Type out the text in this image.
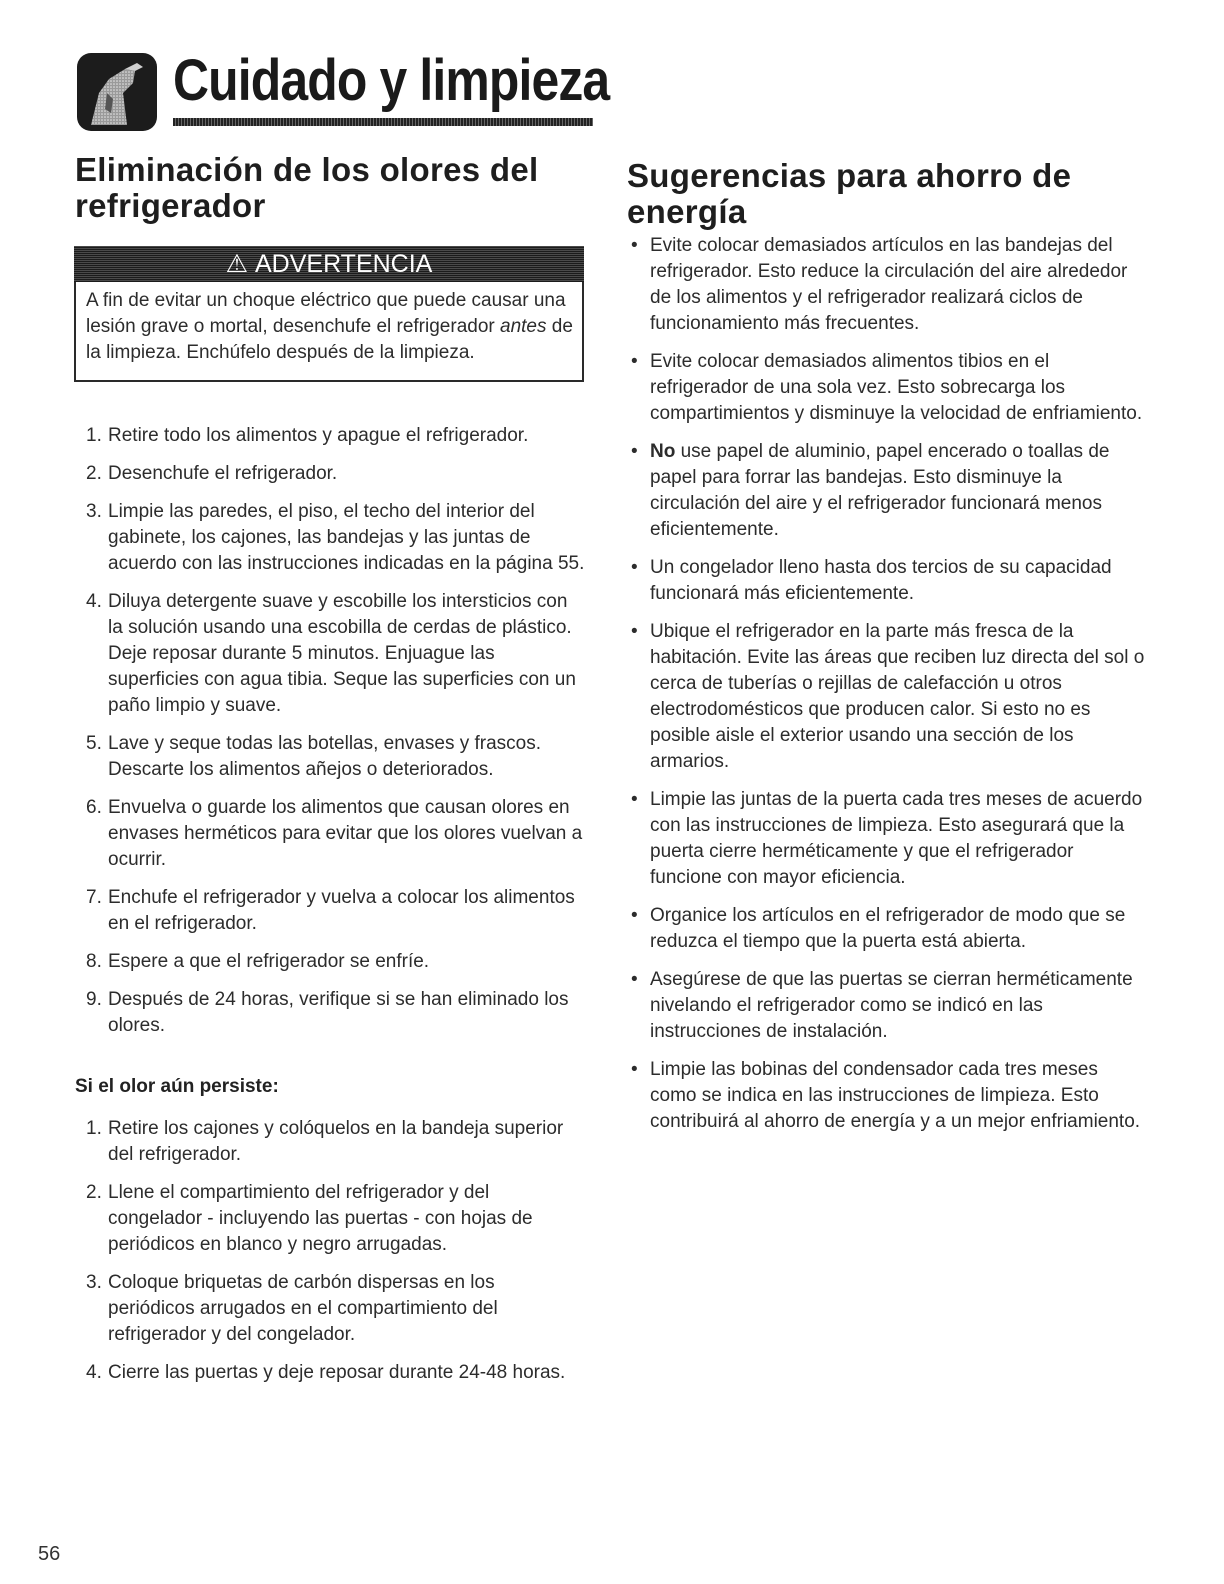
Cuidado y limpieza
Eliminación de los olores del refrigerador
⚠ ADVERTENCIA

A fin de evitar un choque eléctrico que puede causar una lesión grave o mortal, desenchufe el refrigerador antes de la limpieza. Enchúfelo después de la limpieza.

1. Retire todo los alimentos y apague el refrigerador.
2. Desenchufe el refrigerador.
3. Limpie las paredes, el piso, el techo del interior del gabinete, los cajones, las bandejas y las juntas de acuerdo con las instrucciones indicadas en la página 55.
4. Diluya detergente suave y escobille los intersticios con la solución usando una escobilla de cerdas de plástico. Deje reposar durante 5 minutos. Enjuague las superficies con agua tibia. Seque las superficies con un paño limpio y suave.
5. Lave y seque todas las botellas, envases y frascos. Descarte los alimentos añejos o deteriorados.
6. Envuelva o guarde los alimentos que causan olores en envases herméticos para evitar que los olores vuelvan a ocurrir.
7. Enchufe el refrigerador y vuelva a colocar los alimentos en el refrigerador.
8. Espere a que el refrigerador se enfríe.
9. Después de 24 horas, verifique si se han eliminado los olores.
Si el olor aún persiste:
1. Retire los cajones y colóquelos en la bandeja superior del refrigerador.
2. Llene el compartimiento del refrigerador y del congelador - incluyendo las puertas - con hojas de periódicos en blanco y negro arrugadas.
3. Coloque briquetas de carbón dispersas en los periódicos arrugados en el compartimiento del refrigerador y del congelador.
4. Cierre las puertas y deje reposar durante 24-48 horas.
Sugerencias para ahorro de energía
• Evite colocar demasiados artículos en las bandejas del refrigerador. Esto reduce la circulación del aire alrededor de los alimentos y el refrigerador realizará ciclos de funcionamiento más frecuentes.
• Evite colocar demasiados alimentos tibios en el refrigerador de una sola vez. Esto sobrecarga los compartimientos y disminuye la velocidad de enfriamiento.
• No use papel de aluminio, papel encerado o toallas de papel para forrar las bandejas. Esto disminuye la circulación del aire y el refrigerador funcionará menos eficientemente.
• Un congelador lleno hasta dos tercios de su capacidad funcionará más eficientemente.
• Ubique el refrigerador en la parte más fresca de la habitación. Evite las áreas que reciben luz directa del sol o cerca de tuberías o rejillas de calefacción u otros electrodomésticos que producen calor. Si esto no es posible aisle el exterior usando una sección de los armarios.
• Limpie las juntas de la puerta cada tres meses de acuerdo con las instrucciones de limpieza. Esto asegurará que la puerta cierre herméticamente y que el refrigerador funcione con mayor eficiencia.
• Organice los artículos en el refrigerador de modo que se reduzca el tiempo que la puerta está abierta.
• Asegúrese de que las puertas se cierran herméticamente nivelando el refrigerador como se indicó en las instrucciones de instalación.
• Limpie las bobinas del condensador cada tres meses como se indica en las instrucciones de limpieza. Esto contribuirá al ahorro de energía y a un mejor enfriamiento.
56
